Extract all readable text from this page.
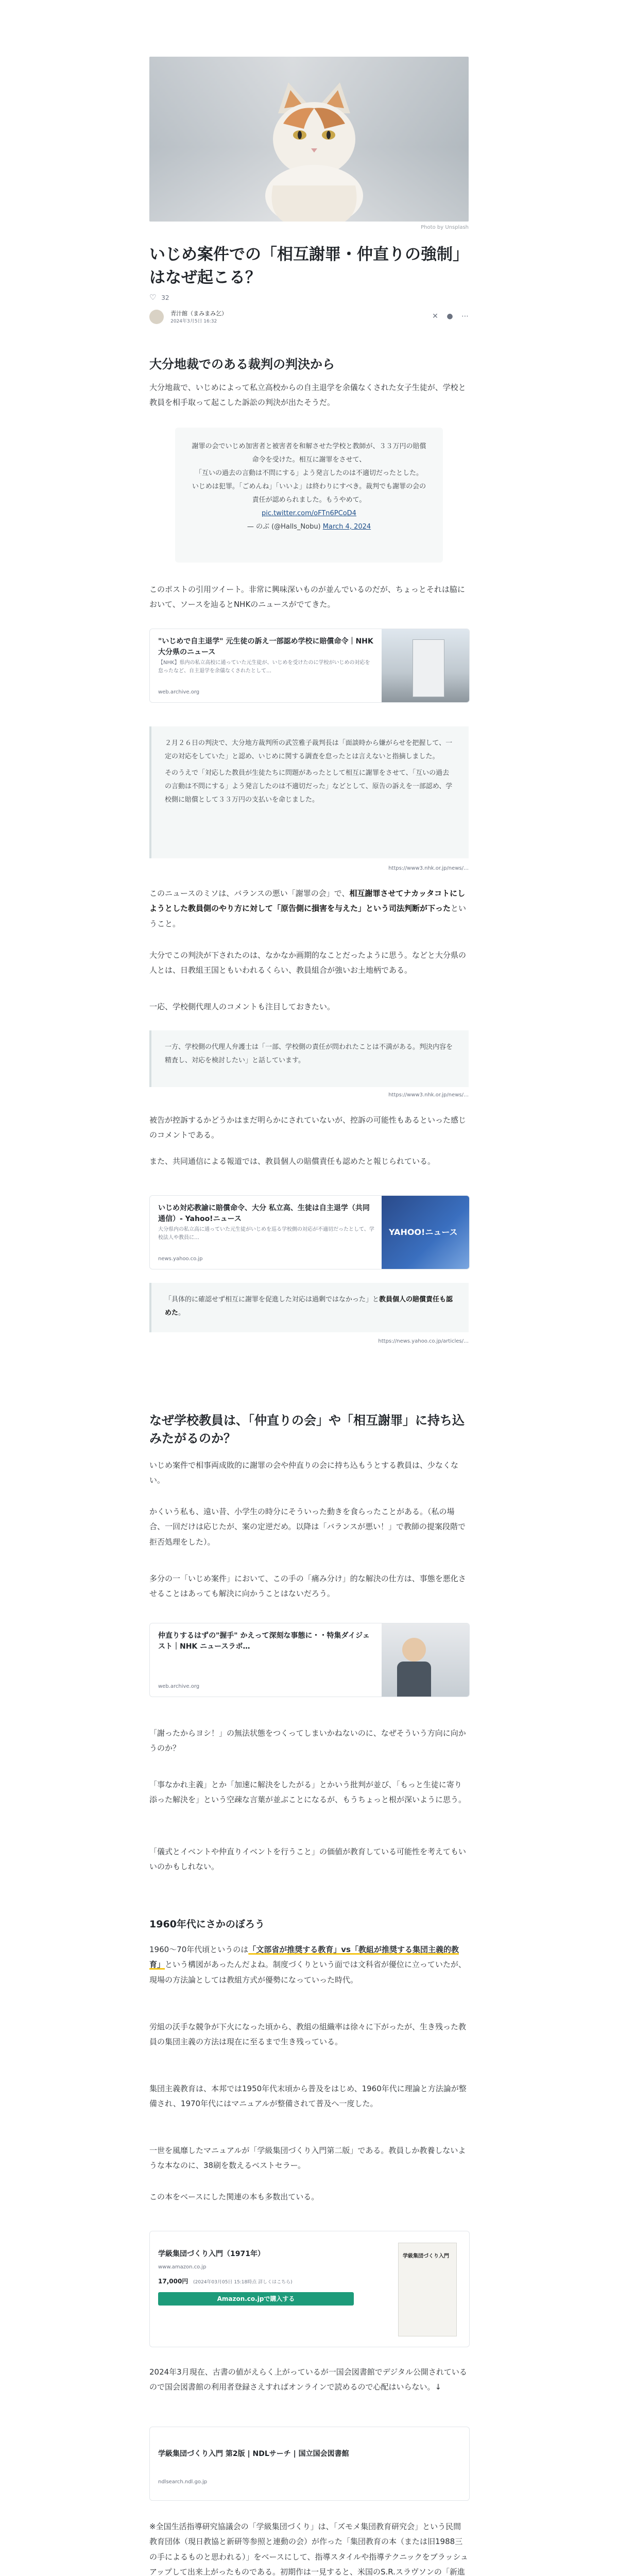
Photo by Unsplash
いじめ案件での「相互謝罪・仲直りの強制」はなぜ起こる？
♡ 32

青汁館（まみまみ乞）
2024年3月5日 16:32
✕ ● ⋯
大分地裁でのある裁判の判決から

大分地裁で、いじめによって私立高校からの自主退学を余儀なくされた女子生徒が、学校と教員を相手取って起こした訴訟の判決が出たそうだ。

謝罪の会でいじめ加害者と被害者を和解させた学校と教師が、３３万円の賠償命令を受けた。相互に謝罪をさせて、
「互いの過去の言動は不問にする」よう発言したのは不適切だったとした。
いじめは犯罪。「ごめんね」「いいよ」は終わりにすべき。裁判でも謝罪の会の責任が認められました。もうやめて。
pic.twitter.com/oFTn6PCoD4
— のぶ (@Halls_Nobu) March 4, 2024

このポストの引用ツイート。非常に興味深いものが並んでいるのだが、ちょっとそれは脇において、ソースを辿るとNHKのニュースがでてきた。

"いじめで自主退学" 元生徒の訴え一部認め学校に賠償命令｜NHK 大分県のニュース
【NHK】県内の私立高校に通っていた元生徒が、いじめを受けたのに学校がいじめの対応を怠ったなど、自主退学を余儀なくされたとして…
web.archive.org
２月２６日の判決で、大分地方裁判所の武笠雅子裁判長は「面談時から嫌がらせを把握して、一定の対応をしていた」と認め、いじめに関する調査を怠ったとは言えないと指摘しました。
そのうえで「対応した教員が生徒たちに問題があったとして相互に謝罪をさせて、「互いの過去の言動は不問にする」よう発言したのは不適切だった」などとして、原告の訴えを一部認め、学校側に賠償として３３万円の支払いを命じました。
https://www3.nhk.or.jp/news/…

このニュースのミソは、バランスの悪い「謝罪の会」で、相互謝罪させてナカッタコトにしようとした教員側のやり方に対して「原告側に損害を与えた」という司法判断が下ったということ。

大分でこの判決が下されたのは、なかなか画期的なことだったように思う。などと大分県の人とは、日教組王国ともいわれるくらい、教員組合が強いお土地柄である。

一応、学校側代理人のコメントも注目しておきたい。

一方、学校側の代理人弁護士は「一部、学校側の責任が問われたことは不満がある。判決内容を精査し、対応を検討したい」と話しています。
https://www3.nhk.or.jp/news/…

被告が控訴するかどうかはまだ明らかにされていないが、控訴の可能性もあるといった感じのコメントである。

また、共同通信による報道では、教員個人の賠償責任も認めたと報じられている。

いじめ対応教諭に賠償命令、大分 私立高、生徒は自主退学（共同通信）- Yahoo!ニュース
大分県内の私立高に通っていた元生徒がいじめを巡る学校側の対応が不適切だったとして、学校法人や教員に…
news.yahoo.co.jp
YAHOO!ニュース
「具体的に確認せず相互に謝罪を促進した対応は過剰ではなかった」と教員個人の賠償責任も認めた。
https://news.yahoo.co.jp/articles/…
なぜ学校教員は、「仲直りの会」や「相互謝罪」に持ち込みたがるのか？

いじめ案件で相事両成敗的に謝罪の会や仲直りの会に持ち込もうとする教員は、少なくない。

かくいう私も、遠い昔、小学生の時分にそういった動きを食らったことがある。（私の場合、一回だけは応じたが、案の定逆だめ。以降は「バランスが悪い！」で教師の提案段階で拒否処理をした）。

多分の一「いじめ案件」において、この手の「痛み分け」的な解決の仕方は、事態を悪化させることはあっても解決に向かうことはないだろう。

仲直りするはずの"握手" かえって深刻な事態に・・特集ダイジェスト｜NHK ニュースラボ…
web.archive.org

「謝ったからヨシ！」の無法状態をつくってしまいかねないのに、なぜそういう方向に向かうのか？

「事なかれ主義」とか「加速に解決をしたがる」とかいう批判が並び、「もっと生徒に寄り添った解決を」という空疎な言葉が並ぶことになるが、もうちょっと根が深いように思う。

「儀式とイベントや仲直りイベントを行うこと」の価値が教育している可能性を考えてもいいのかもしれない。

1960年代にさかのぼろう

1960〜70年代頃というのは「文部省が推奨する教育」vs「教組が推奨する集団主義的教育」という構図があったんだよね。制度づくりという面では文科省が優位に立っていたが、現場の方法論としては教組方式が優勢になっていった時代。

労組の沃手な競争が下火になった頃から、教組の組織率は徐々に下がったが、生き残った教員の集団主義の方法は現在に至るまで生き残っている。

集団主義教育は、本邦では1950年代末頃から普及をはじめ、1960年代に理論と方法論が整備され、1970年代にはマニュアルが整備されて普及へ一度した。

一世を風靡したマニュアルが「学級集団づくり入門第二版」である。教員しか教養しないような本なのに、38刷を数えるベストセラー。

この本をベースにした関連の本も多数出ている。

学級集団づくり入門（1971年）
www.amazon.co.jp
17,000円 (2024年03月05日 15:18時点 詳しくはこちら)
Amazon.co.jpで購入する
学級集団づくり入門

2024年3月現在、古書の値がえらく上がっているが一国会図書館でデジタル公開されているので国会図書館の利用者登録さえすればオンラインで読めるので心配はいらない。↓

学級集団づくり入門 第2版 | NDLサーチ | 国立国会図書館
ndlsearch.ndl.go.jp

※全国生活指導研究協議会の「学級集団づくり」は、「ズモメ集団教育研究会」という民間教育団体（現日教協と新研等参照と連動の会）が作った「集団教育の本（または旧1988三の手によるものと思われる）」をベースにして、指導スタイルや指導テクニックをブラッシュアップして出来上がったものである。初期作は一見すると、米国のS.R.スラヴソンの「新進
